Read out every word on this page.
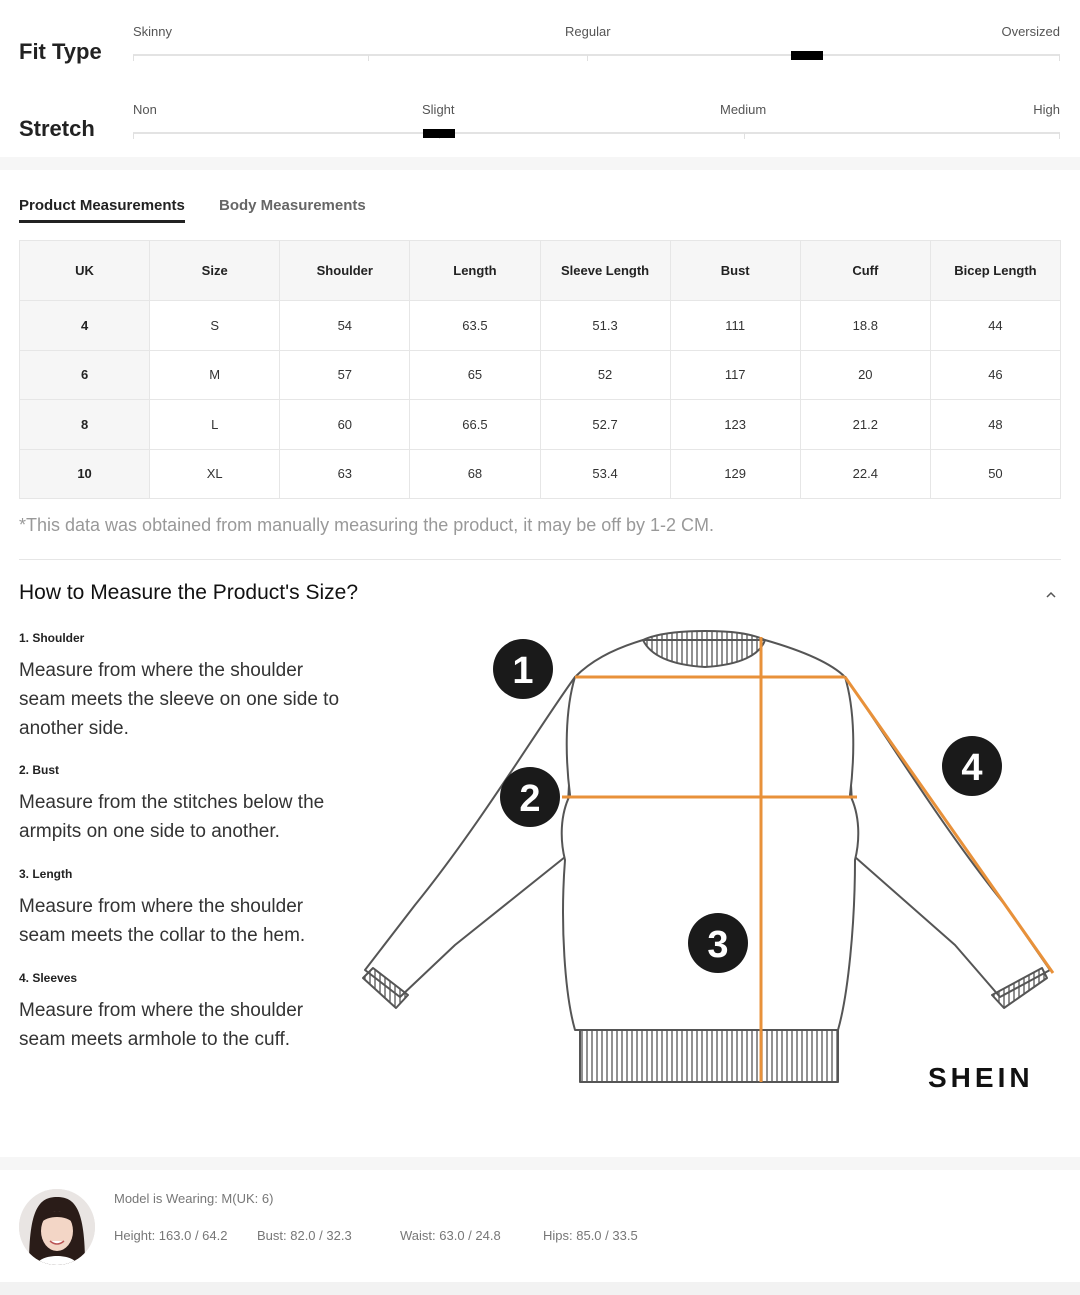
Fit Type
Skinny	Regular	Oversized
Stretch
Non	Slight	Medium	High
Product Measurements Body Measurements
UK	Size	Shoulder	Length	Sleeve Length	Bust	Cuff	Bicep Length
4	S	54	63.5	51.3	111	18.8	44
6	M	57	65	52	117	20	46
8	L	60	66.5	52.7	123	21.2	48
10	XL	63	68	53.4	129	22.4	50
*This data was obtained from manually measuring the product, it may be off by 1-2 CM.
How to Measure the Product's Size?
1. Shoulder
Measure from where the shoulder seam meets the sleeve on one side to another side.
2. Bust
Measure from the stitches below the armpits on one side to another.
3. Length
Measure from where the shoulder seam meets the collar to the hem.
4. Sleeves
Measure from where the shoulder seam meets armhole to the cuff.
1
2
3
4
SHEIN
Model is Wearing: M(UK: 6)
Height: 163.0 / 64.2 Bust: 82.0 / 32.3	Waist: 63.0 / 24.8	Hips: 85.0 / 33.5
